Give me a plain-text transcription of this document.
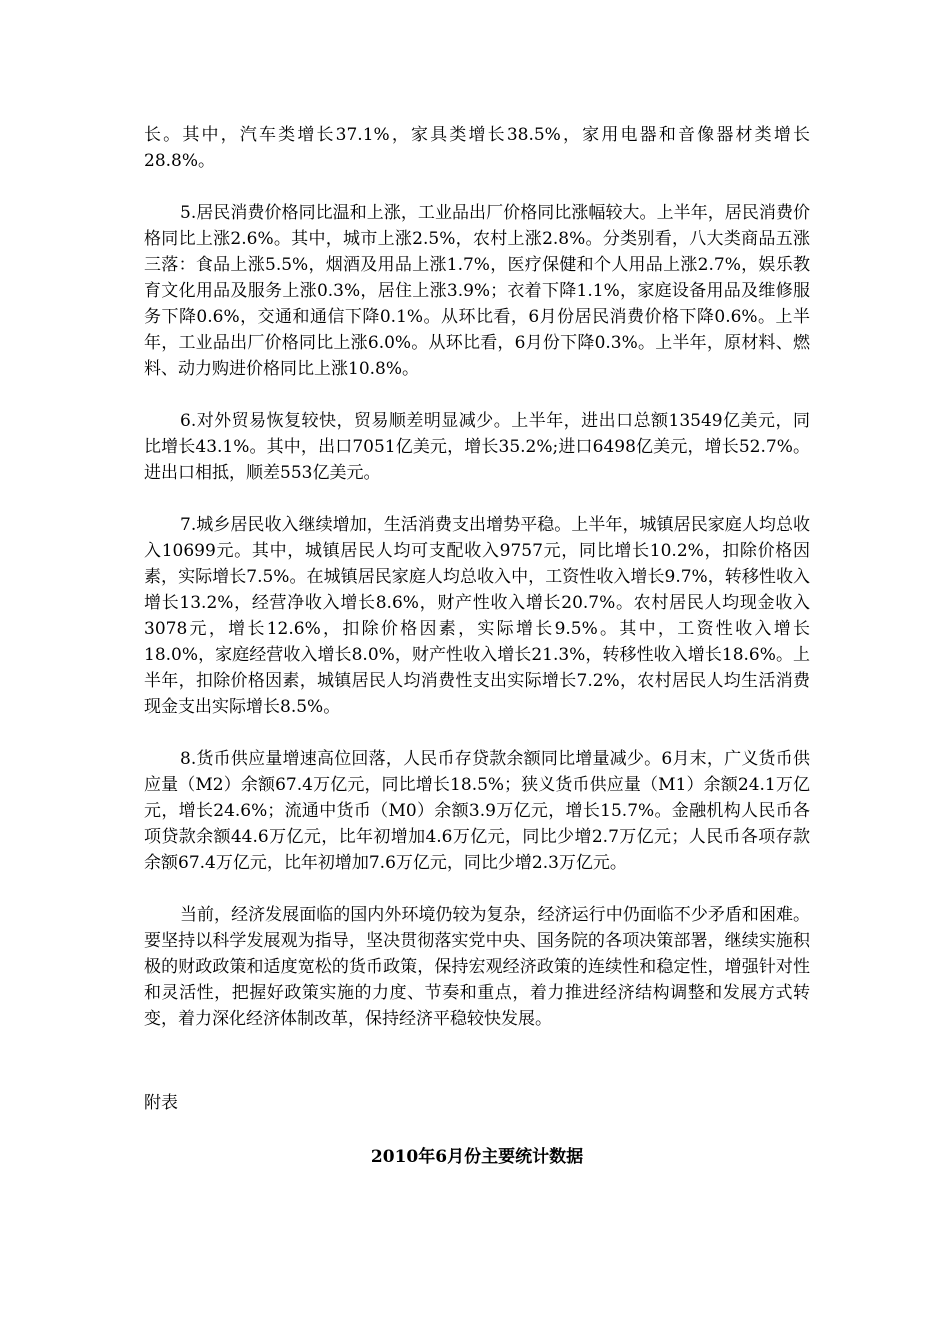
长。其中，汽车类增长37.1%，家具类增长38.5%，家用电器和音像器材类增长28.8%。

5.居民消费价格同比温和上涨，工业品出厂价格同比涨幅较大。上半年，居民消费价格同比上涨2.6%。其中，城市上涨2.5%，农村上涨2.8%。分类别看，八大类商品五涨三落：食品上涨5.5%，烟酒及用品上涨1.7%，医疗保健和个人用品上涨2.7%，娱乐教育文化用品及服务上涨0.3%，居住上涨3.9%；衣着下降1.1%，家庭设备用品及维修服务下降0.6%，交通和通信下降0.1%。从环比看，6月份居民消费价格下降0.6%。上半年，工业品出厂价格同比上涨6.0%。从环比看，6月份下降0.3%。上半年，原材料、燃料、动力购进价格同比上涨10.8%。

6.对外贸易恢复较快，贸易顺差明显减少。上半年，进出口总额13549亿美元，同比增长43.1%。其中，出口7051亿美元，增长35.2%;进口6498亿美元，增长52.7%。进出口相抵，顺差553亿美元。

7.城乡居民收入继续增加，生活消费支出增势平稳。上半年，城镇居民家庭人均总收入10699元。其中，城镇居民人均可支配收入9757元，同比增长10.2%，扣除价格因素，实际增长7.5%。在城镇居民家庭人均总收入中，工资性收入增长9.7%，转移性收入增长13.2%，经营净收入增长8.6%，财产性收入增长20.7%。农村居民人均现金收入3078元，增长12.6%，扣除价格因素，实际增长9.5%。其中，工资性收入增长18.0%，家庭经营收入增长8.0%，财产性收入增长21.3%，转移性收入增长18.6%。上半年，扣除价格因素，城镇居民人均消费性支出实际增长7.2%，农村居民人均生活消费现金支出实际增长8.5%。

8.货币供应量增速高位回落，人民币存贷款余额同比增量减少。6月末，广义货币供应量（M2）余额67.4万亿元，同比增长18.5%；狭义货币供应量（M1）余额24.1万亿元，增长24.6%；流通中货币（M0）余额3.9万亿元，增长15.7%。金融机构人民币各项贷款余额44.6万亿元，比年初增加4.6万亿元，同比少增2.7万亿元；人民币各项存款余额67.4万亿元，比年初增加7.6万亿元，同比少增2.3万亿元。

当前，经济发展面临的国内外环境仍较为复杂，经济运行中仍面临不少矛盾和困难。要坚持以科学发展观为指导，坚决贯彻落实党中央、国务院的各项决策部署，继续实施积极的财政政策和适度宽松的货币政策，保持宏观经济政策的连续性和稳定性，增强针对性和灵活性，把握好政策实施的力度、节奏和重点，着力推进经济结构调整和发展方式转变，着力深化经济体制改革，保持经济平稳较快发展。

附表
2010年6月份主要统计数据
